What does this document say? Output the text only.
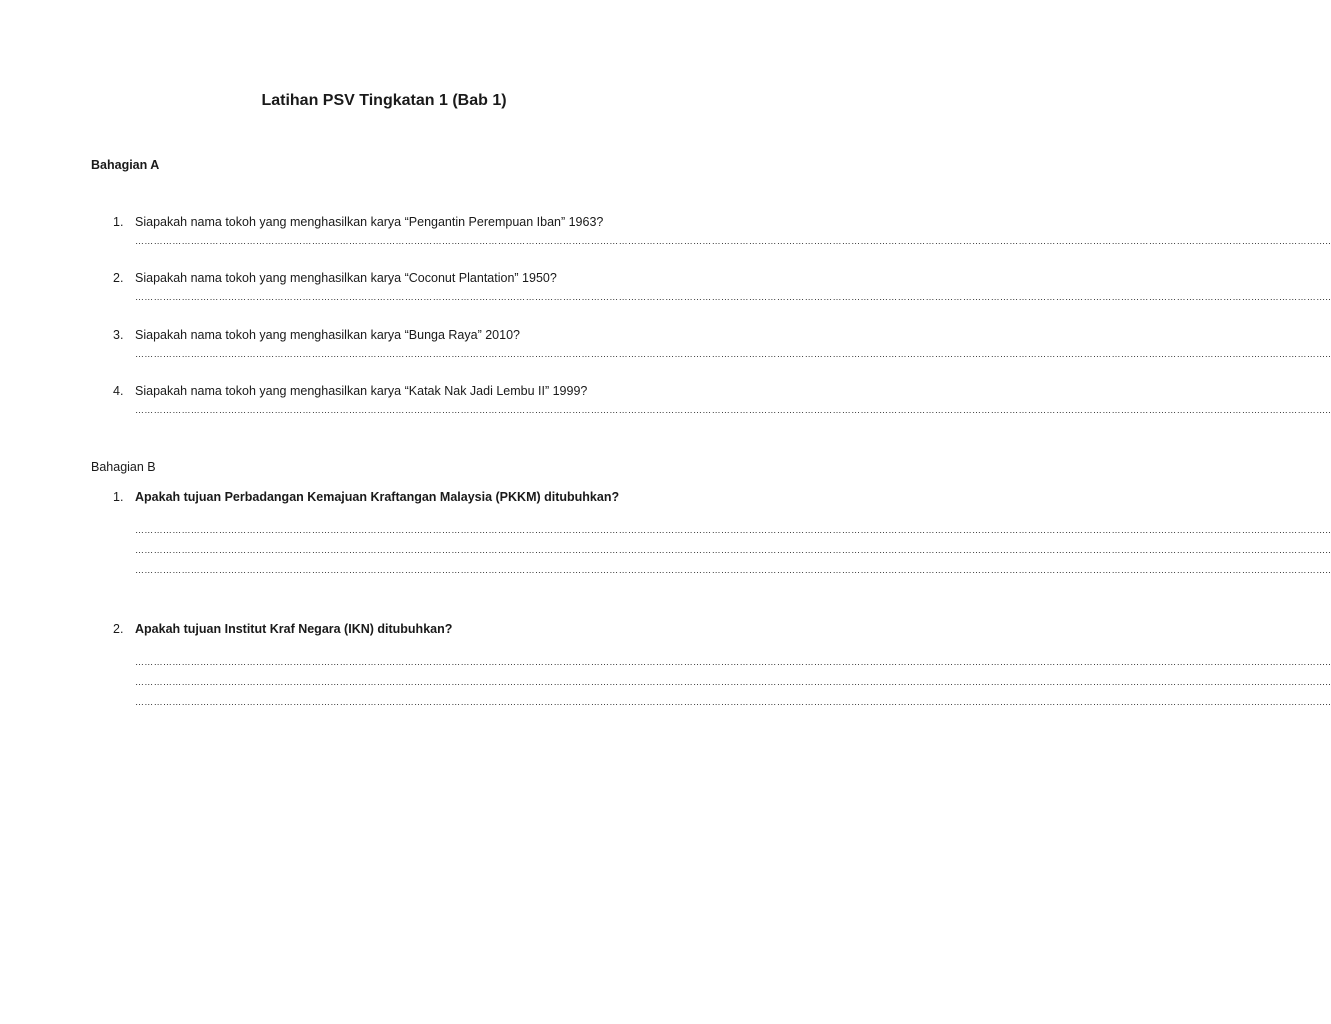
Latihan PSV Tingkatan 1 (Bab 1)
Bahagian A
1. Siapakah nama tokoh yang menghasilkan karya “Pengantin Perempuan Iban” 1963?
……………………………………………………………………………………………………………………………………………………………………………………………………………………………………………………………………………………………………………………………………………………..
2. Siapakah nama tokoh yang menghasilkan karya “Coconut Plantation” 1950?
……………………………………………………………………………………………………………………………………………………………………………………………………………………………………………………………………………………………………………………………………………………..
3. Siapakah nama tokoh yang menghasilkan karya “Bunga Raya” 2010?
……………………………………………………………………………………………………………………………………………………………………………………………………………………………………………………………………………………………………………………………………………………..
4. Siapakah nama tokoh yang menghasilkan karya “Katak Nak Jadi Lembu II” 1999?
……………………………………………………………………………………………………………………………………………………………………………………………………………………………………………………………………………………………………………………………………………………..
Bahagian B
1. Apakah tujuan Perbadangan Kemajuan Kraftangan Malaysia (PKKM) ditubuhkan?
……………………………………………………………………………………………………………………………………………………………………………………………………………………………………………………………………………………………………………………………………………………..
……………………………………………………………………………………………………………………………………………………………………………………………………………………………………………………………………………………………………………………………………………………..
……………………………………………………………………………………………………………………………………………………………………………………………………………………………………………………………………………………………………………………………………………………..
2. Apakah tujuan Institut Kraf Negara (IKN) ditubuhkan?
……………………………………………………………………………………………………………………………………………………………………………………………………………………………………………………………………………………………………………………………………………………..
……………………………………………………………………………………………………………………………………………………………………………………………………………………………………………………………………………………………………………………………………………………..
……………………………………………………………………………………………………………………………………………………………………………………………………………………………………………………………………………………………………………………………………………………..
